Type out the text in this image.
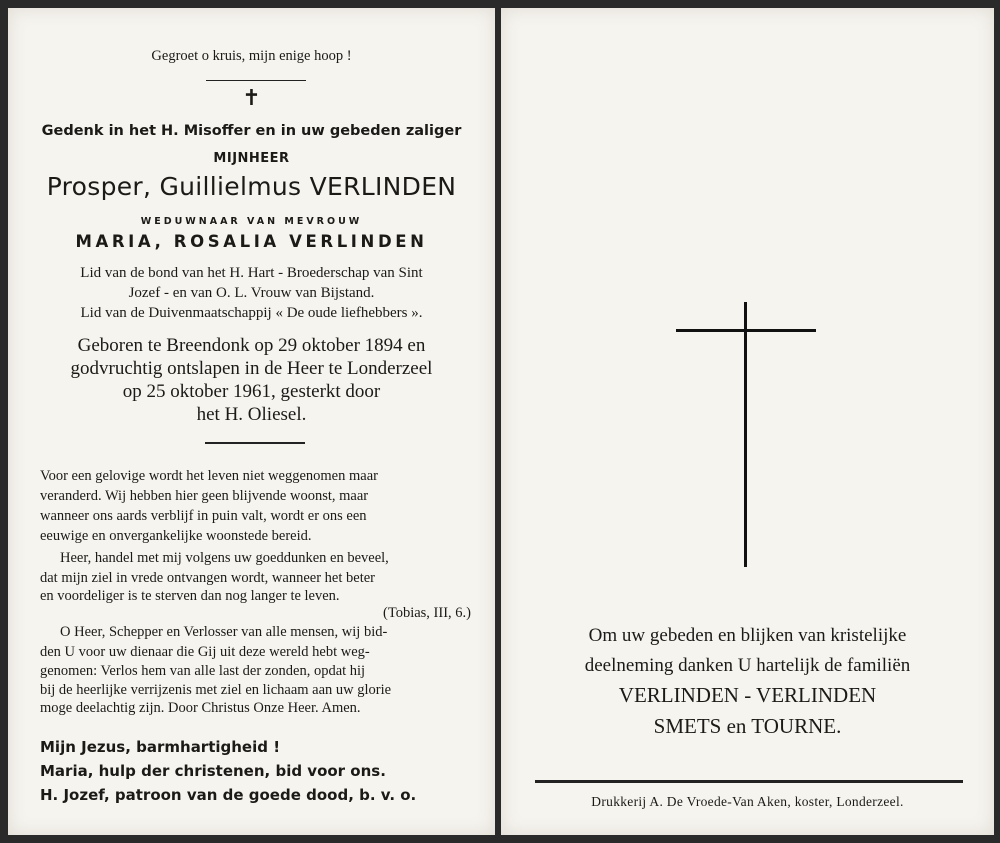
Gegroet o kruis, mijn enige hoop !
✝
Gedenk in het H. Misoffer en in uw gebeden zaliger
MIJNHEER
Prosper, Guillielmus VERLINDEN
WEDUWNAAR VAN MEVROUW
MARIA, ROSALIA VERLINDEN
Lid van de bond van het H. Hart - Broederschap van Sint
Jozef - en van O. L. Vrouw van Bijstand.
Lid van de Duivenmaatschappij « De oude liefhebbers ».
Geboren te Breendonk op 29 oktober 1894 en
godvruchtig ontslapen in de Heer te Londerzeel
op 25 oktober 1961, gesterkt door
het H. Oliesel.
Voor een gelovige wordt het leven niet weggenomen maar
veranderd. Wij hebben hier geen blijvende woonst, maar
wanneer ons aards verblijf in puin valt, wordt er ons een
eeuwige en onvergankelijke woonstede bereid.
Heer, handel met mij volgens uw goeddunken en beveel,
dat mijn ziel in vrede ontvangen wordt, wanneer het beter
en voordeliger is te sterven dan nog langer te leven.
(Tobias, III, 6.)
O Heer, Schepper en Verlosser van alle mensen, wij bid-
den U voor uw dienaar die Gij uit deze wereld hebt weg-
genomen: Verlos hem van alle last der zonden, opdat hij
bij de heerlijke verrijzenis met ziel en lichaam aan uw glorie
moge deelachtig zijn. Door Christus Onze Heer. Amen.
Mijn Jezus, barmhartigheid !
Maria, hulp der christenen, bid voor ons.
H. Jozef, patroon van de goede dood, b. v. o.
Om uw gebeden en blijken van kristelijke
deelneming danken U hartelijk de familiën
VERLINDEN - VERLINDEN
SMETS en TOURNE.
Drukkerij A. De Vroede-Van Aken, koster, Londerzeel.
